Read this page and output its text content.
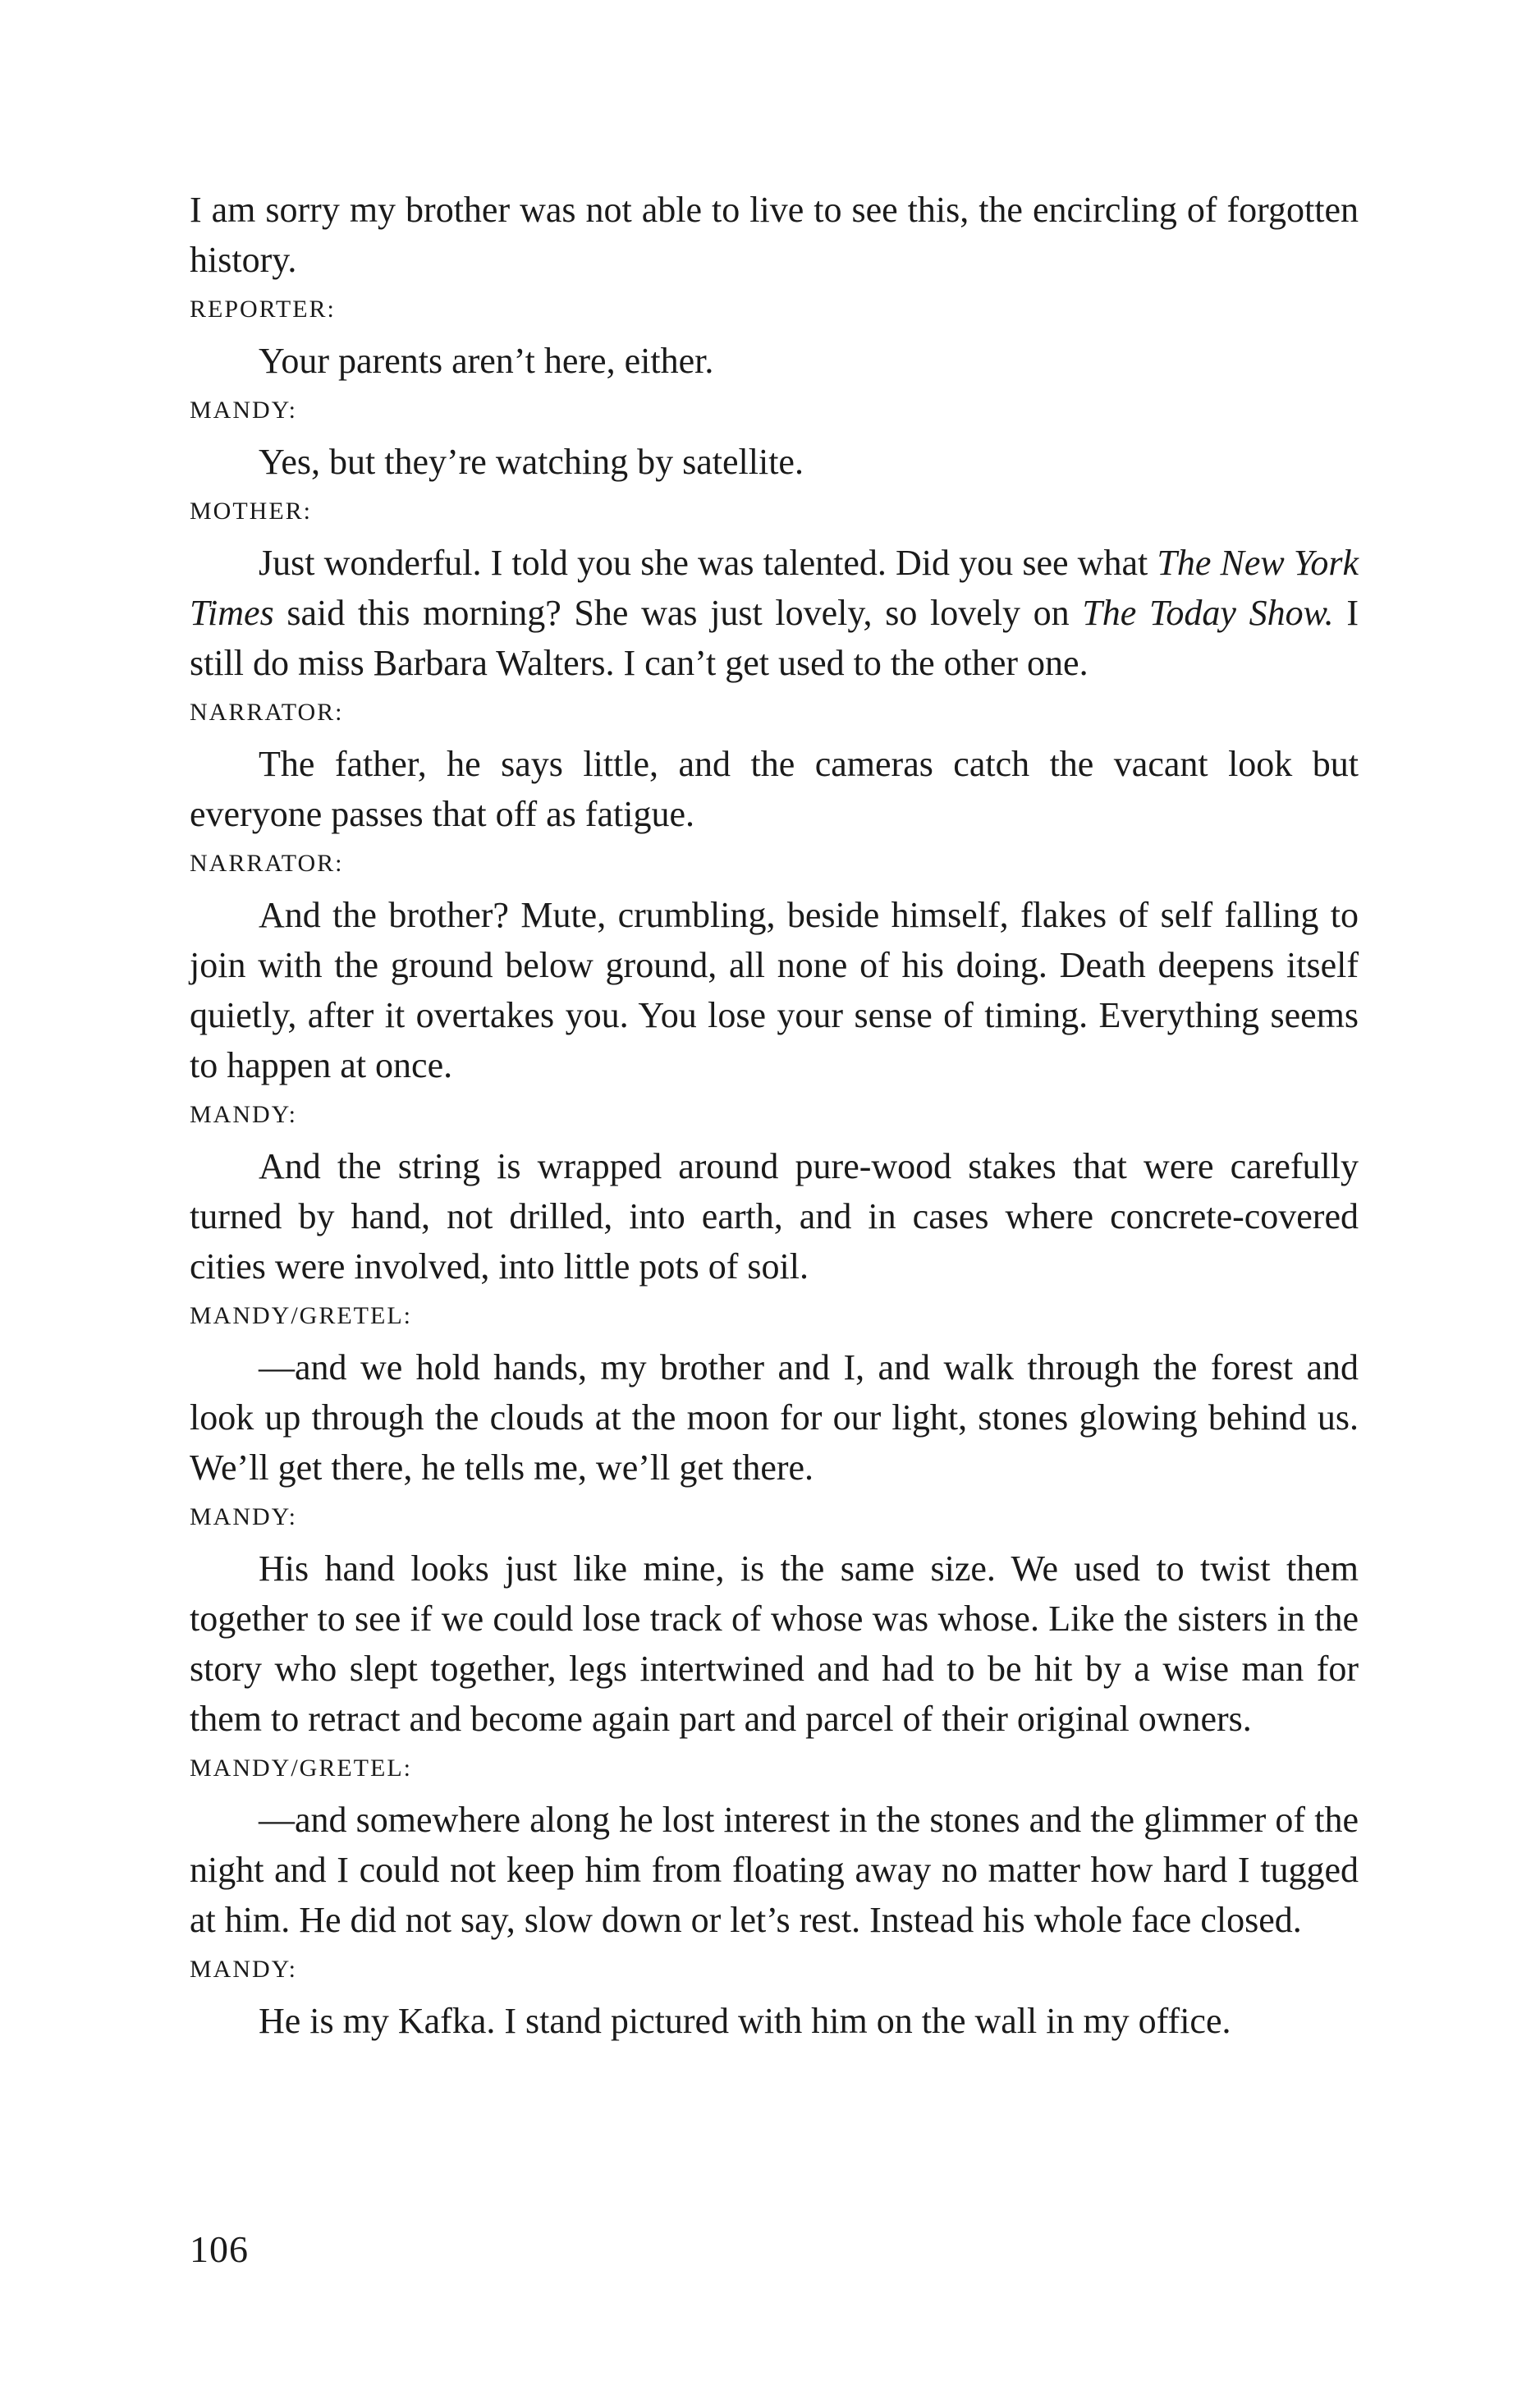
I am sorry my brother was not able to live to see this, the encircling of forgotten history.

REPORTER:

Your parents aren’t here, either.

MANDY:

Yes, but they’re watching by satellite.

MOTHER:

Just wonderful. I told you she was talented. Did you see what The New York Times said this morning? She was just lovely, so lovely on The Today Show. I still do miss Barbara Walters. I can’t get used to the other one.

NARRATOR:

The father, he says little, and the cameras catch the vacant look but everyone passes that off as fatigue.

NARRATOR:

And the brother? Mute, crumbling, beside himself, flakes of self falling to join with the ground below ground, all none of his doing. Death deepens itself quietly, after it overtakes you. You lose your sense of timing. Everything seems to happen at once.

MANDY:

And the string is wrapped around pure-wood stakes that were carefully turned by hand, not drilled, into earth, and in cases where concrete-covered cities were involved, into little pots of soil.

MANDY/GRETEL:

—and we hold hands, my brother and I, and walk through the forest and look up through the clouds at the moon for our light, stones glowing behind us. We’ll get there, he tells me, we’ll get there.

MANDY:

His hand looks just like mine, is the same size. We used to twist them together to see if we could lose track of whose was whose. Like the sisters in the story who slept together, legs intertwined and had to be hit by a wise man for them to retract and become again part and parcel of their original owners.

MANDY/GRETEL:

—and somewhere along he lost interest in the stones and the glimmer of the night and I could not keep him from floating away no matter how hard I tugged at him. He did not say, slow down or let’s rest. Instead his whole face closed.

MANDY:

He is my Kafka. I stand pictured with him on the wall in my office.

106
